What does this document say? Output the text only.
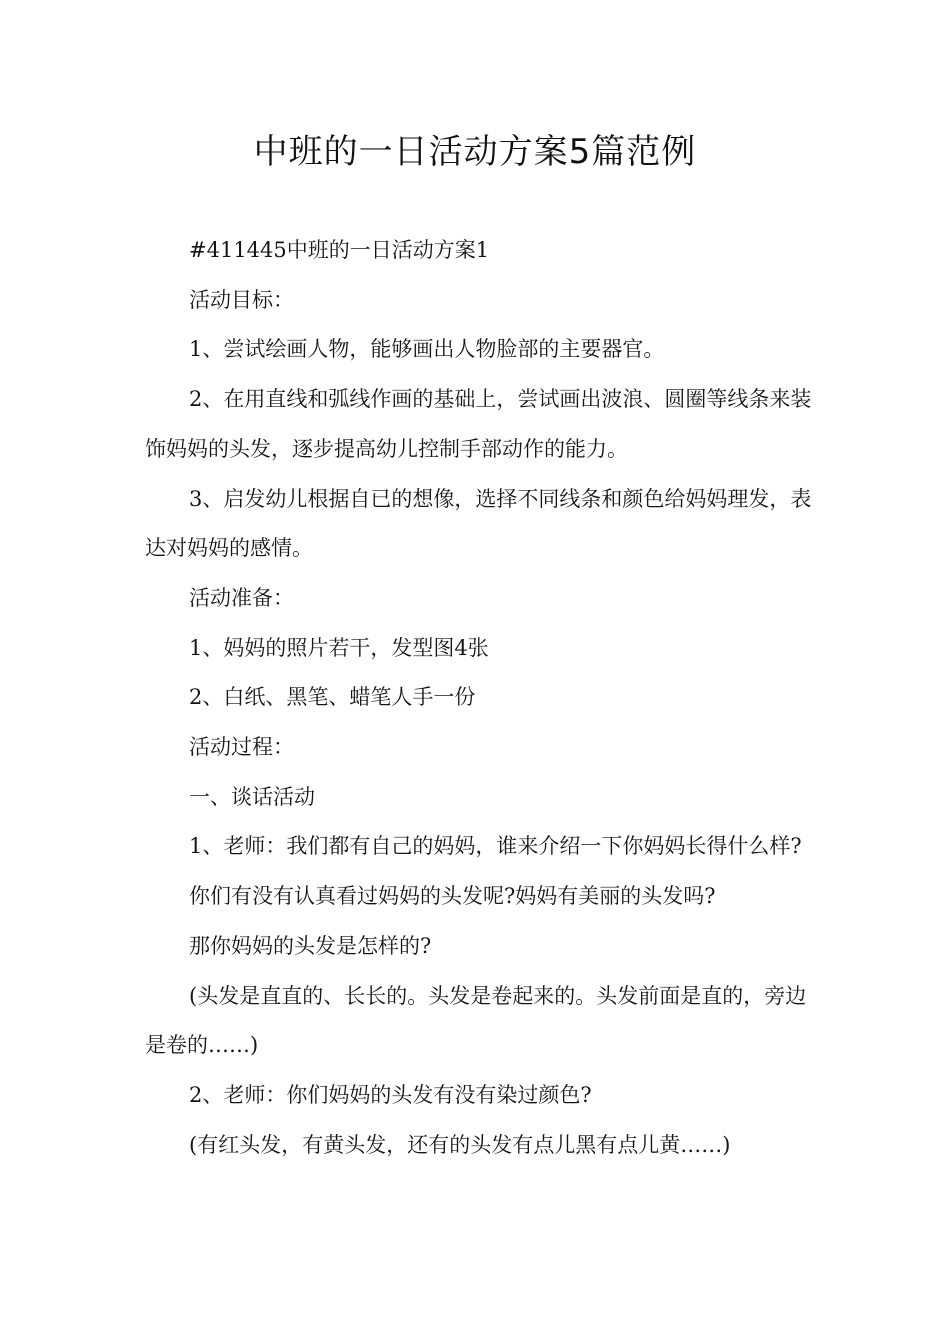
中班的一日活动方案5篇范例

#411445中班的一日活动方案1

活动目标：

1、尝试绘画人物，能够画出人物脸部的主要器官。

2、在用直线和弧线作画的基础上，尝试画出波浪、圆圈等线条来装饰妈妈的头发，逐步提高幼儿控制手部动作的能力。

3、启发幼儿根据自已的想像，选择不同线条和颜色给妈妈理发，表达对妈妈的感情。

活动准备：

1、妈妈的照片若干，发型图4张

2、白纸、黑笔、蜡笔人手一份

活动过程：

一、谈话活动

1、老师：我们都有自己的妈妈，谁来介绍一下你妈妈长得什么样?

你们有没有认真看过妈妈的头发呢?妈妈有美丽的头发吗?

那你妈妈的头发是怎样的?

(头发是直直的、长长的。头发是卷起来的。头发前面是直的，旁边是卷的……)

2、老师：你们妈妈的头发有没有染过颜色?

(有红头发，有黄头发，还有的头发有点儿黑有点儿黄……)
